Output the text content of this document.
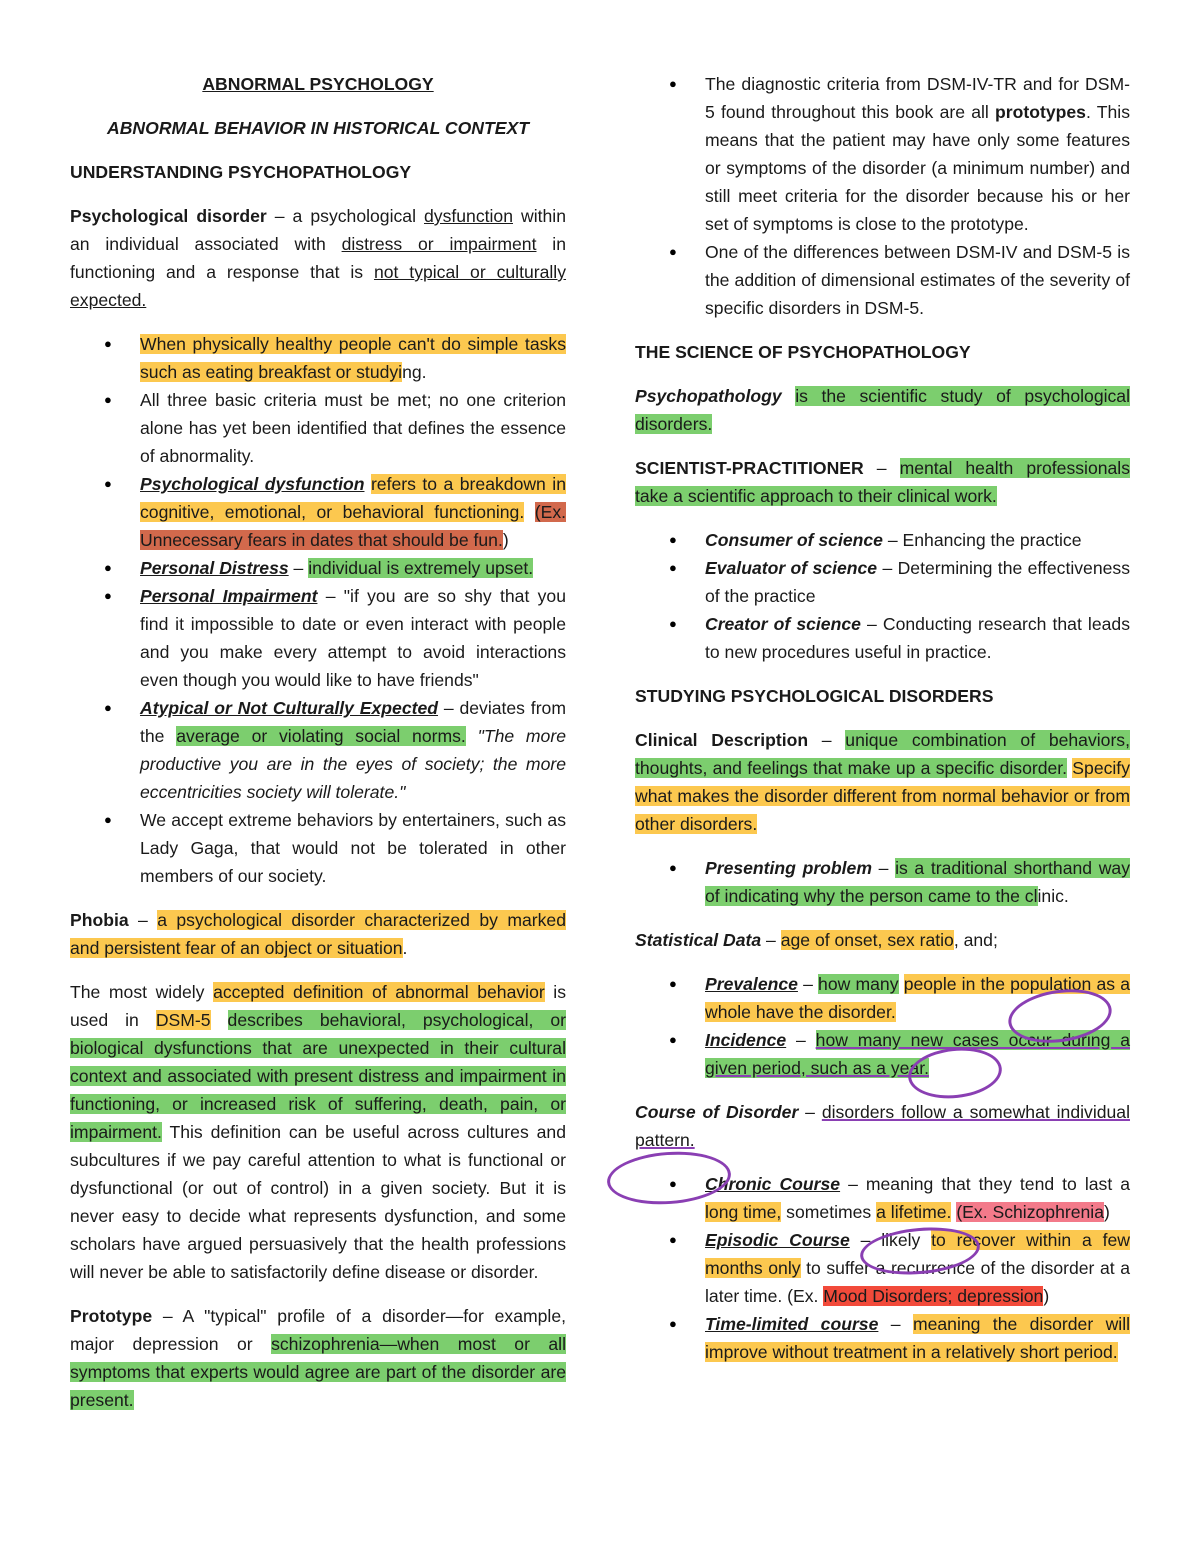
ABNORMAL PSYCHOLOGY

ABNORMAL BEHAVIOR IN HISTORICAL CONTEXT

UNDERSTANDING PSYCHOPATHOLOGY

Psychological disorder – a psychological dysfunction within an individual associated with distress or impairment in functioning and a response that is not typical or culturally expected.

● When physically healthy people can't do simple tasks such as eating breakfast or studying.
● All three basic criteria must be met; no one criterion alone has yet been identified that defines the essence of abnormality.
● Psychological dysfunction refers to a breakdown in cognitive, emotional, or behavioral functioning. (Ex. Unnecessary fears in dates that should be fun.)
● Personal Distress – individual is extremely upset.
● Personal Impairment – "if you are so shy that you find it impossible to date or even interact with people and you make every attempt to avoid interactions even though you would like to have friends"
● Atypical or Not Culturally Expected – deviates from the average or violating social norms. "The more productive you are in the eyes of society; the more eccentricities society will tolerate."
● We accept extreme behaviors by entertainers, such as Lady Gaga, that would not be tolerated in other members of our society.

Phobia – a psychological disorder characterized by marked and persistent fear of an object or situation.

The most widely accepted definition of abnormal behavior is used in DSM-5 describes behavioral, psychological, or biological dysfunctions that are unexpected in their cultural context and associated with present distress and impairment in functioning, or increased risk of suffering, death, pain, or impairment. This definition can be useful across cultures and subcultures if we pay careful attention to what is functional or dysfunctional (or out of control) in a given society. But it is never easy to decide what represents dysfunction, and some scholars have argued persuasively that the health professions will never be able to satisfactorily define disease or disorder.

Prototype – A "typical" profile of a disorder—for example, major depression or schizophrenia—when most or all symptoms that experts would agree are part of the disorder are present.

● The diagnostic criteria from DSM-IV-TR and for DSM-5 found throughout this book are all prototypes. This means that the patient may have only some features or symptoms of the disorder (a minimum number) and still meet criteria for the disorder because his or her set of symptoms is close to the prototype.
● One of the differences between DSM-IV and DSM-5 is the addition of dimensional estimates of the severity of specific disorders in DSM-5.

THE SCIENCE OF PSYCHOPATHOLOGY

Psychopathology is the scientific study of psychological disorders.

SCIENTIST-PRACTITIONER – mental health professionals take a scientific approach to their clinical work.

● Consumer of science – Enhancing the practice
● Evaluator of science – Determining the effectiveness of the practice
● Creator of science – Conducting research that leads to new procedures useful in practice.

STUDYING PSYCHOLOGICAL DISORDERS

Clinical Description – unique combination of behaviors, thoughts, and feelings that make up a specific disorder. Specify what makes the disorder different from normal behavior or from other disorders.

● Presenting problem – is a traditional shorthand way of indicating why the person came to the clinic.

Statistical Data – age of onset, sex ratio, and;

● Prevalence – how many people in the population as a whole have the disorder.
● Incidence – how many new cases occur during a given period, such as a year.

Course of Disorder – disorders follow a somewhat individual pattern.

● Chronic Course – meaning that they tend to last a long time, sometimes a lifetime. (Ex. Schizophrenia)
● Episodic Course – likely to recover within a few months only to suffer a recurrence of the disorder at a later time. (Ex. Mood Disorders; depression)
● Time-limited course – meaning the disorder will improve without treatment in a relatively short period.
